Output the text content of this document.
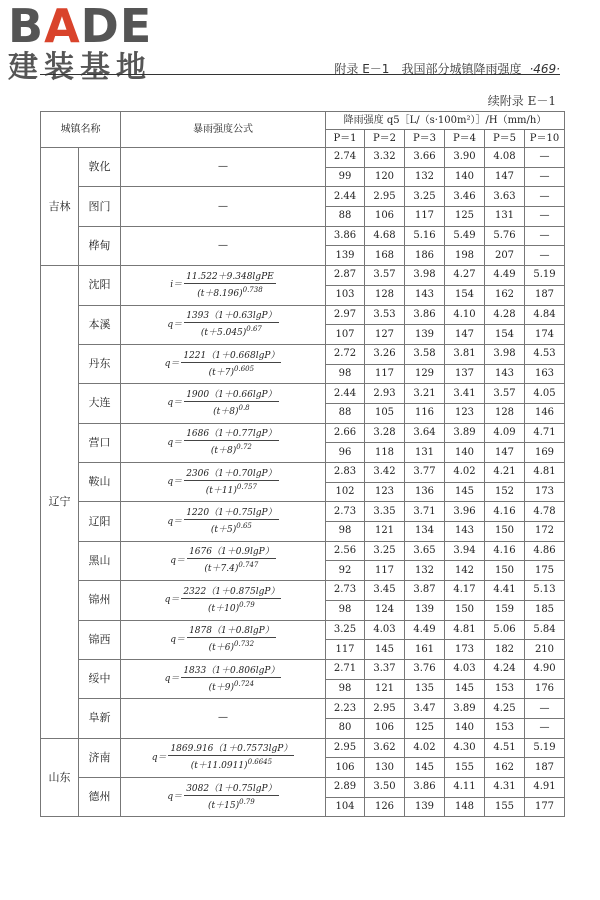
BADE
建装基地	附录 E－1　我国部分城镇降雨强度 ·469·
续附录 E－1
城镇名称		暴雨强度公式	降雨强度 q5［L/（s·100m²）］/H（mm/h）					
			P＝1	P＝2	P＝3	P＝4	P＝5	P＝10
吉林	敦化	—	2.74	3.32	3.66	3.90	4.08	—
			99	120	132	140	147	—
	图门	—	2.44	2.95	3.25	3.46	3.63	—
			88	106	117	125	131	—
	桦甸	—	3.86	4.68	5.16	5.49	5.76	—
			139	168	186	198	207	—
辽宁	沈阳	$i= \frac{\text{11.522＋9.348lgPE}}{(t+8.196)^{0.738}}$	2.87	3.57	3.98	4.27	4.49	5.19
			103	128	143	154	162	187
	本溪	$q= \frac{1393(1+0.63\lg P)}{(t+5.045)^{0.67}}$	2.97	3.53	3.86	4.10	4.28	4.84
			107	127	139	147	154	174
	丹东	$q= \frac{1221(1+0.668\lg P)}{(t+7)^{0.605}}$	2.72	3.26	3.58	3.81	3.98	4.53
			98	117	129	137	143	163
	大连	$q= \frac{1900(1+0.66\lg P)}{(t+8)^{0.8}}$	2.44	2.93	3.21	3.41	3.57	4.05
			88	105	116	123	128	146
	营口	$q= \frac{1686(1+0.77\lg P)}{(t+8)^{0.72}}$	2.66	3.28	3.64	3.89	4.09	4.71
			96	118	131	140	147	169
	鞍山	$q= \frac{2306(1+0.70\lg P)}{(t+11)^{0.757}}$	2.83	3.42	3.77	4.02	4.21	4.81
			102	123	136	145	152	173
	辽阳	$q= \frac{1220(1+0.75\lg P)}{(t+5)^{0.65}}$	2.73	3.35	3.71	3.96	4.16	4.78
			98	121	134	143	150	172
	黑山	$q= \frac{1676(1+0.9\lg P)}{(t+7.4)^{0.747}}$	2.56	3.25	3.65	3.94	4.16	4.86
			92	117	132	142	150	175
	锦州	$q= \frac{2322(1+0.875\lg P)}{(t+10)^{0.79}}$	2.73	3.45	3.87	4.17	4.41	5.13
			98	124	139	150	159	185
	锦西	$q= \frac{1878(1+0.8\lg P)}{(t+6)^{0.732}}$	3.25	4.03	4.49	4.81	5.06	5.84
			117	145	161	173	182	210
	绥中	$q= \frac{1833(1+0.806\lg P)}{(t+9)^{0.724}}$	2.71	3.37	3.76	4.03	4.24	4.90
			98	121	135	145	153	176
	阜新	—	2.23	2.95	3.47	3.89	4.25	—
			80	106	125	140	153	—
山东	济南	$q= \frac{1869.916(1+0.7573\lg P)}{(t+11.0911)^{0.6645}}$	2.95	3.62	4.02	4.30	4.51	5.19
			106	130	145	155	162	187
	德州	$q= \frac{3082(1+0.75\lg P)}{(t+15)^{0.79}}$	2.89	3.50	3.86	4.11	4.31	4.91
			104	126	139	148	155	177
